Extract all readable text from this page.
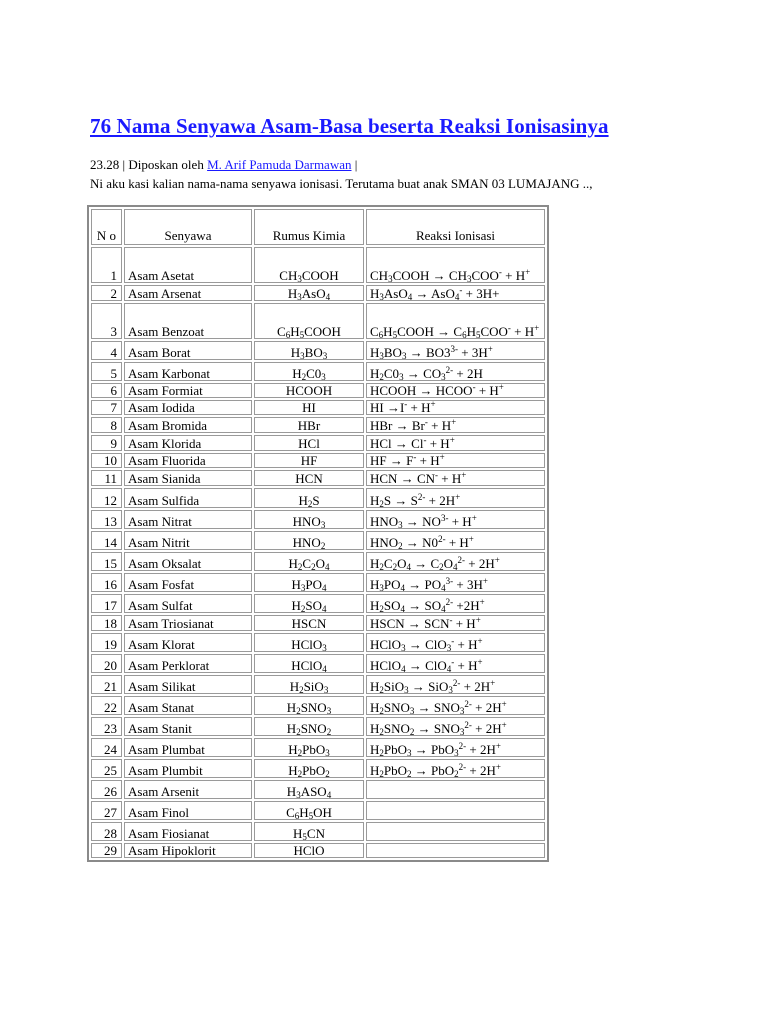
76 Nama Senyawa Asam-Basa beserta Reaksi Ionisasinya
23.28 | Diposkan oleh M. Arif Pamuda Darmawan |
Ni aku kasi kalian nama-nama senyawa ionisasi. Terutama buat anak SMAN 03 LUMAJANG ..,
N o	Senyawa	Rumus Kimia	Reaksi Ionisasi
1	Asam Asetat	$CH_3COOH$	$CH_3COOH \to CH_3COO^- + H^+$
2	Asam Arsenat	$H_3AsO_4$	$H_3AsO_4 \to AsO_4^- + 3H+$
3	Asam Benzoat	$C_6H_5COOH$	$C_6H_5COOH \to C_6H_5COO^- + H^+$
4	Asam Borat	$H_3BO_3$	$H_3BO_3 \to BO3^{3-} + 3H^+$
5	Asam Karbonat	$H_2C0_3$	$H_2C0_3 \to CO_3^{2-} + 2H$
6	Asam Formiat	HCOOH	HCOOH → HCOO- + H+
7	Asam Iodida	HI	HI →I- + H+
8	Asam Bromida	HBr	HBr → Br- + H+
9	Asam Klorida	HCl	HCl → Cl- + H+
10	Asam Fluorida	HF	HF → F- + H+
11	Asam Sianida	HCN	HCN → CN- + H+
12	Asam Sulfida	$H_2S$	$H_2S \to S^{2-} + 2H^+$
13	Asam Nitrat	$HNO_3$	$HNO_3 \to NO^{3-} + H^+$
14	Asam Nitrit	$HNO_2$	$HNO_2 \to N0^{2-} + H^+$
15	Asam Oksalat	$H_2C_2O_4$	$H_2C_2O_4 \to C_2O_4^{2-} + 2H^+$
16	Asam Fosfat	$H_3PO_4$	$H_3PO_4 \to PO_4^{3-} + 3H^+$
17	Asam Sulfat	$H_2SO_4$	$H_2SO_4 \to SO_4^{2-} +2H^+$
18	Asam Triosianat	HSCN	HSCN → SCN- + H+
19	Asam Klorat	HClO$_3$	HClO$_3$ → ClO$_3$- + H+
20	Asam Perklorat	HClO$_4$	HClO$_4$ → ClO$_4$- + H+
21	Asam Silikat	$H_2SiO_3$	$H_2SiO_3 \to SiO_3^{2-} + 2H^+$
22	Asam Stanat	$H_2SNO_3$	$H_2SNO_3 \to SNO_3^{2-} + 2H^+$
23	Asam Stanit	$H_2SNO_2$	$H_2SNO_2 \to SNO_3^{2-} + 2H^+$
24	Asam Plumbat	$H_2PbO_3$	$H_2PbO_3 \to PbO_3^{2-} + 2H^+$
25	Asam Plumbit	$H_2PbO_2$	$H_2PbO_2 \to PbO_2^{2-} + 2H^+$
26	Asam Arsenit	$H_3ASO_4$	
27	Asam Finol	$C_6H_5OH$	
28	Asam Fiosianat	$H_5CN$	
29	Asam Hipoklorit	HClO	
